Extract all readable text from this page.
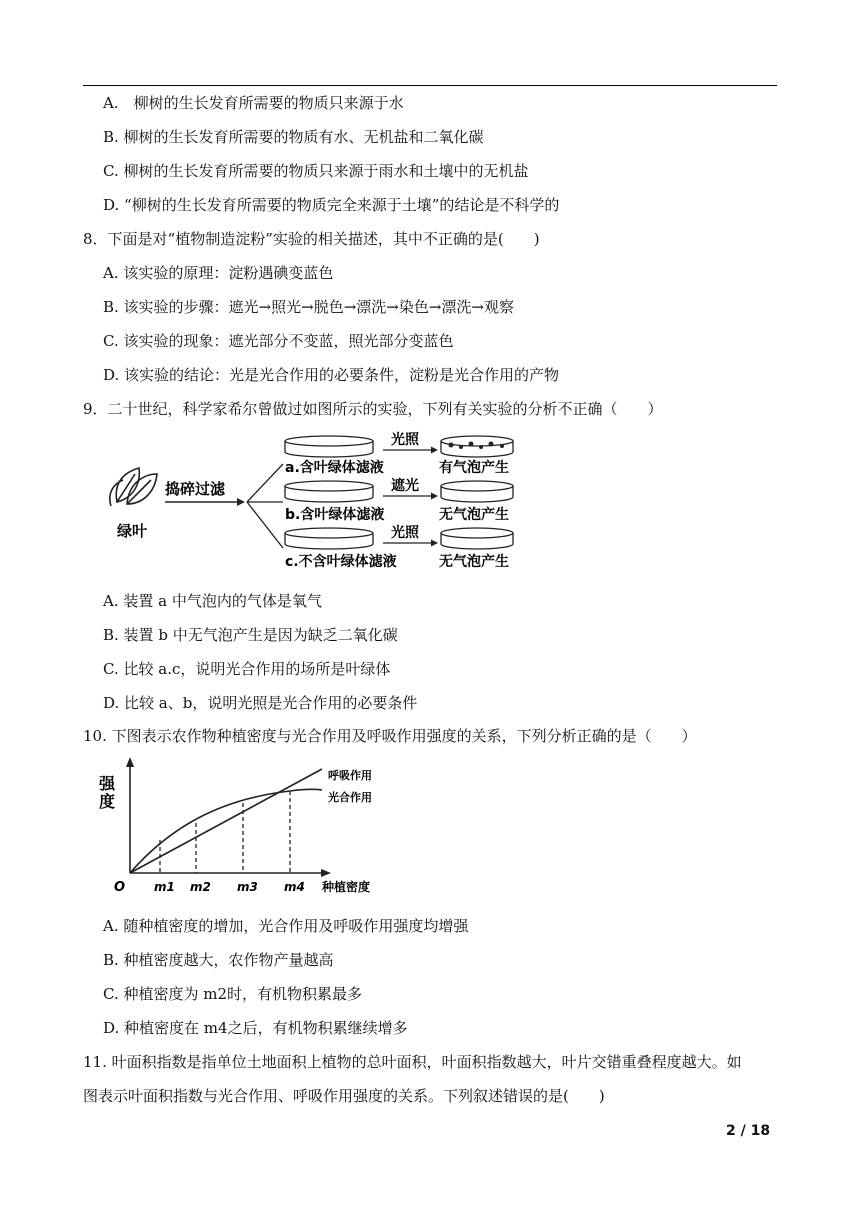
A.　柳树的生长发育所需要的物质只来源于水
B. 柳树的生长发育所需要的物质有水、无机盐和二氧化碳
C. 柳树的生长发育所需要的物质只来源于雨水和土壤中的无机盐
D. “柳树的生长发育所需要的物质完全来源于土壤”的结论是不科学的
8．下面是对“植物制造淀粉”实验的相关描述，其中不正确的是(　　)
A. 该实验的原理：淀粉遇碘变蓝色
B. 该实验的步骤：遮光→照光→脱色→漂洗→染色→漂洗→观察
C. 该实验的现象：遮光部分不变蓝，照光部分变蓝色
D. 该实验的结论：光是光合作用的必要条件，淀粉是光合作用的产物
9．二十世纪，科学家希尔曾做过如图所示的实验，下列有关实验的分析不正确（　　）
绿叶
捣碎过滤
a.含叶绿体滤液
光照
有气泡产生
b.含叶绿体滤液
遮光
无气泡产生
c.不含叶绿体滤液
光照
无气泡产生
A. 装置 a 中气泡内的气体是氧气
B. 装置 b 中无气泡产生是因为缺乏二氧化碳
C. 比较 a.c，说明光合作用的场所是叶绿体
D. 比较 a、b，说明光照是光合作用的必要条件
10. 下图表示农作物种植密度与光合作用及呼吸作用强度的关系，下列分析正确的是（　　）
强度
O	种植密度
m1 m2 m3 m4
呼吸作用
光合作用
A. 随种植密度的增加，光合作用及呼吸作用强度均增强
B. 种植密度越大，农作物产量越高
C. 种植密度为 m2时，有机物积累最多
D. 种植密度在 m4之后，有机物积累继续增多
11. 叶面积指数是指单位土地面积上植物的总叶面积，叶面积指数越大，叶片交错重叠程度越大。如
图表示叶面积指数与光合作用、呼吸作用强度的关系。下列叙述错误的是(　　)
2 / 18
